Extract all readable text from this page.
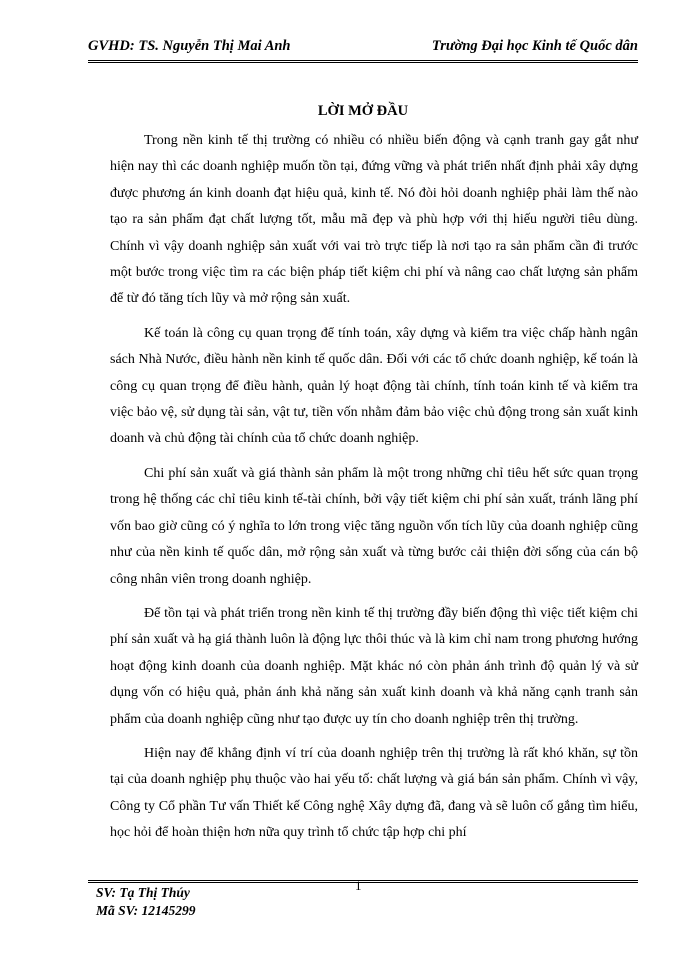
GVHD: TS. Nguyễn Thị Mai Anh	Trường Đại học Kinh tế Quốc dân
LỜI MỞ ĐẦU

Trong nền kinh tế thị trường có nhiều có nhiều biến động và cạnh tranh gay gắt như hiện nay thì các doanh nghiệp muốn tồn tại, đứng vững và phát triển nhất định phải xây dựng được phương án kinh doanh đạt hiệu quả, kinh tế. Nó đòi hỏi doanh nghiệp phải làm thế nào tạo ra sản phẩm đạt chất lượng tốt, mẫu mã đẹp và phù hợp với thị hiếu người tiêu dùng. Chính vì vậy doanh nghiệp sản xuất với vai trò trực tiếp là nơi tạo ra sản phẩm cần đi trước một bước trong việc tìm ra các biện pháp tiết kiệm chi phí và nâng cao chất lượng sản phẩm để từ đó tăng tích lũy và mở rộng sản xuất.

Kế toán là công cụ quan trọng để tính toán, xây dựng và kiểm tra việc chấp hành ngân sách Nhà Nước, điều hành nền kinh tế quốc dân. Đối với các tổ chức doanh nghiệp, kế toán là công cụ quan trọng để điều hành, quản lý hoạt động tài chính, tính toán kinh tế và kiểm tra việc bảo vệ, sử dụng tài sản, vật tư, tiền vốn nhằm đảm bảo việc chủ động trong sản xuất kinh doanh và chủ động tài chính của tổ chức doanh nghiệp.

Chi phí sản xuất và giá thành sản phẩm là một trong những chỉ tiêu hết sức quan trọng trong hệ thống các chỉ tiêu kinh tế-tài chính, bởi vậy tiết kiệm chi phí sản xuất, tránh lãng phí vốn bao giờ cũng có ý nghĩa to lớn trong việc tăng nguồn vốn tích lũy của doanh nghiệp cũng như của nền kinh tế quốc dân, mở rộng sản xuất và từng bước cải thiện đời sống của cán bộ công nhân viên trong doanh nghiệp.

Để tồn tại và phát triển trong nền kinh tế thị trường đầy biến động thì việc tiết kiệm chi phí sản xuất và hạ giá thành luôn là động lực thôi thúc và là kim chỉ nam trong phương hướng hoạt động kinh doanh của doanh nghiệp. Mặt khác nó còn phản ánh trình độ quản lý và sử dụng vốn có hiệu quả, phản ánh khả năng sản xuất kinh doanh và khả năng cạnh tranh sản phẩm của doanh nghiệp cũng như tạo được uy tín cho doanh nghiệp trên thị trường.

Hiện nay để khẳng định ví trí của doanh nghiệp trên thị trường là rất khó khăn, sự tồn tại của doanh nghiệp phụ thuộc vào hai yếu tố: chất lượng và giá bán sản phẩm. Chính vì vậy, Công ty Cổ phần Tư vấn Thiết kế Công nghệ Xây dựng đã, đang và sẽ luôn cố gắng tìm hiểu, học hỏi để hoàn thiện hơn nữa quy trình tổ chức tập hợp chi phí

1
SV: Tạ Thị Thúy
Mã SV: 12145299
